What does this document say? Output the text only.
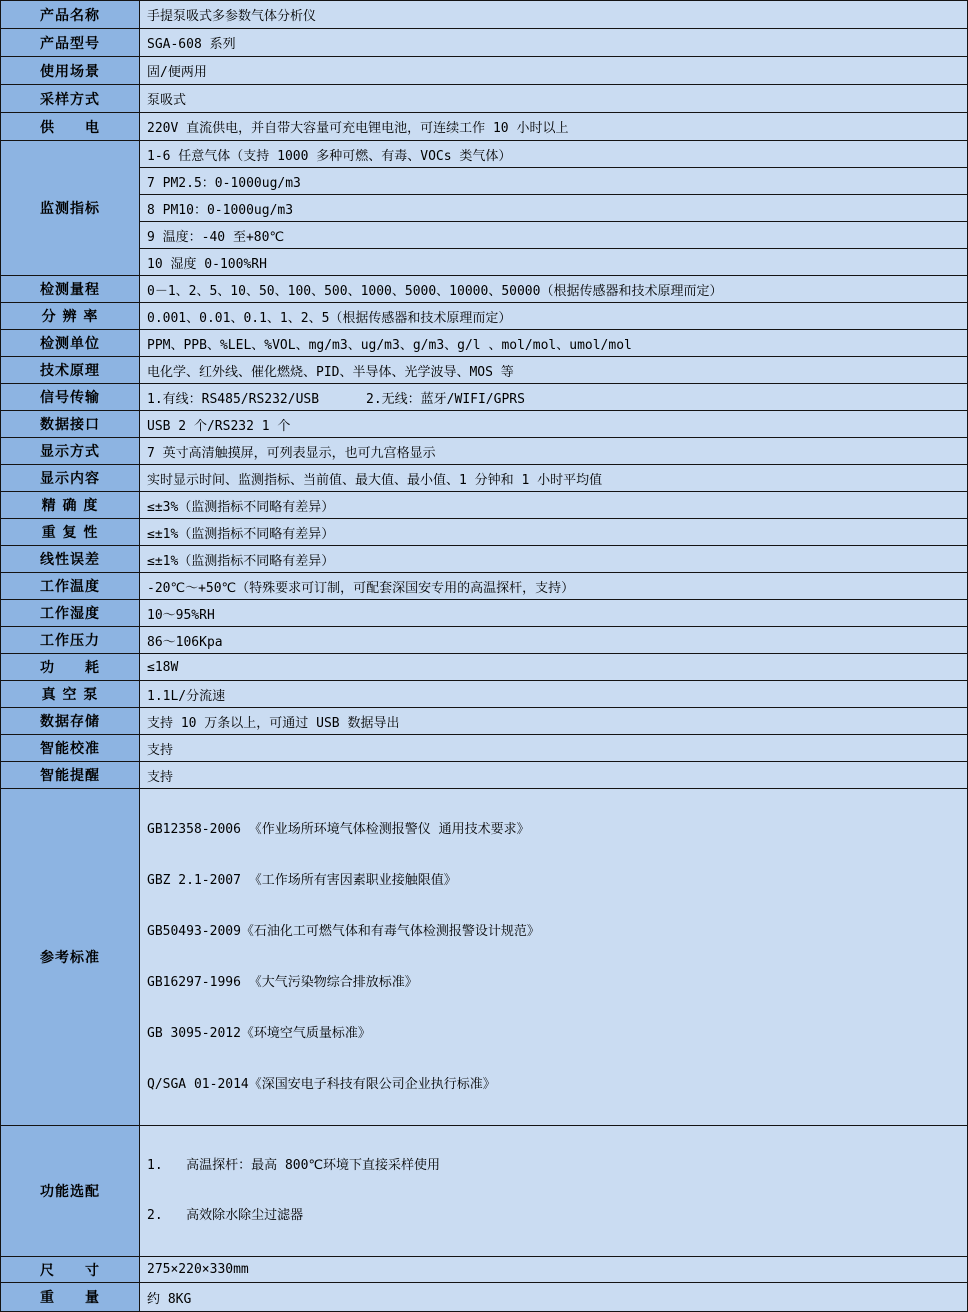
产品名称	手提泵吸式多参数气体分析仪
产品型号	SGA-608 系列
使用场景	固/便两用
采样方式	泵吸式
供　　电	220V 直流供电，并自带大容量可充电锂电池，可连续工作 10 小时以上
监测指标	1-6 任意气体（支持 1000 多种可燃、有毒、VOCs 类气体）
	7 PM2.5：0-1000ug/m3
	8 PM10：0-1000ug/m3
	9 温度：-40 至+80℃
	10 湿度 0-100%RH
检测量程	0－1、2、5、10、50、100、500、1000、5000、10000、50000（根据传感器和技术原理而定）
分 辨 率	0.001、0.01、0.1、1、2、5（根据传感器和技术原理而定）
检测单位	PPM、PPB、%LEL、%VOL、mg/m3、ug/m3、g/m3、g/l 、mol/mol、umol/mol
技术原理	电化学、红外线、催化燃烧、PID、半导体、光学波导、MOS 等
信号传输	1.有线：RS485/RS232/USB      2.无线：蓝牙/WIFI/GPRS
数据接口	USB 2 个/RS232 1 个
显示方式	7 英寸高清触摸屏，可列表显示，也可九宫格显示
显示内容	实时显示时间、监测指标、当前值、最大值、最小值、1 分钟和 1 小时平均值
精 确 度	≤±3%（监测指标不同略有差异）
重 复 性	≤±1%（监测指标不同略有差异）
线性误差	≤±1%（监测指标不同略有差异）
工作温度	-20℃～+50℃（特殊要求可订制，可配套深国安专用的高温探杆，支持）
工作湿度	10～95%RH
工作压力	86～106Kpa
功　　耗	≤18W
真 空 泵	1.1L/分流速
数据存储	支持 10 万条以上，可通过 USB 数据导出
智能校准	支持
智能提醒	支持
参考标准	

GB12358-2006 《作业场所环境气体检测报警仪 通用技术要求》

GBZ 2.1-2007 《工作场所有害因素职业接触限值》

GB50493-2009《石油化工可燃气体和有毒气体检测报警设计规范》

GB16297-1996 《大气污染物综合排放标准》

GB 3095-2012《环境空气质量标准》

Q/SGA 01-2014《深国安电子科技有限公司企业执行标准》

功能选配	1.   高温探杆：最高 800℃环境下直接采样使用

2.   高效除水除尘过滤器

尺　　寸	275×220×330mm
重　　量	约 8KG
